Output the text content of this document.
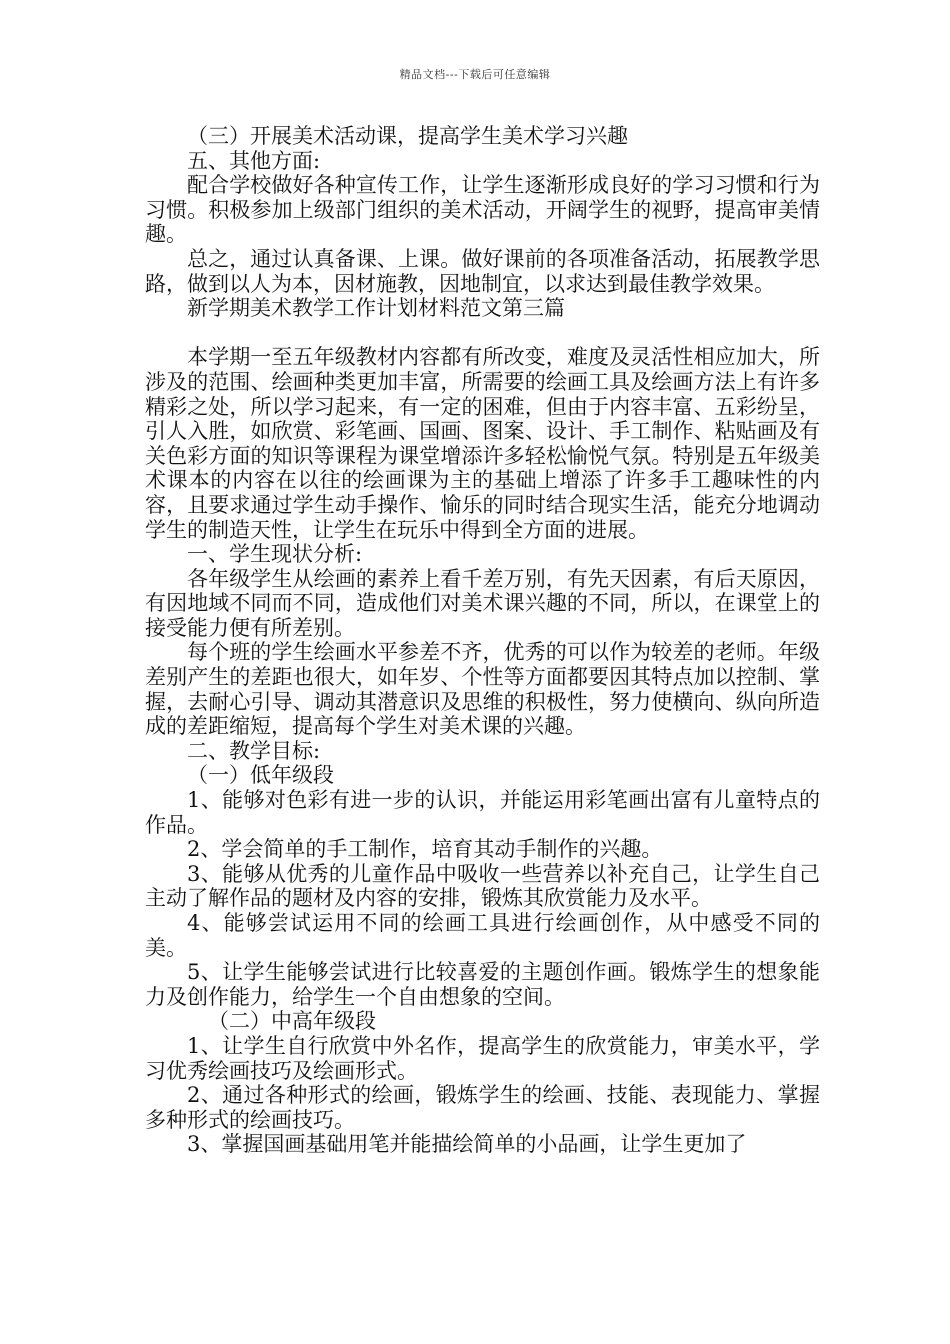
精品文档---下载后可任意编辑

（三）开展美术活动课，提高学生美术学习兴趣

五、其他方面:

配合学校做好各种宣传工作，让学生逐渐形成良好的学习习惯和行为习惯。积极参加上级部门组织的美术活动，开阔学生的视野，提高审美情趣。

总之，通过认真备课、上课。做好课前的各项准备活动，拓展教学思路，做到以人为本，因材施教，因地制宜，以求达到最佳教学效果。

新学期美术教学工作计划材料范文第三篇

本学期一至五年级教材内容都有所改变，难度及灵活性相应加大，所涉及的范围、绘画种类更加丰富，所需要的绘画工具及绘画方法上有许多精彩之处，所以学习起来，有一定的困难，但由于内容丰富、五彩纷呈，引人入胜，如欣赏、彩笔画、国画、图案、设计、手工制作、粘贴画及有关色彩方面的知识等课程为课堂增添许多轻松愉悦气氛。特别是五年级美术课本的内容在以往的绘画课为主的基础上增添了许多手工趣味性的内容，且要求通过学生动手操作、愉乐的同时结合现实生活，能充分地调动学生的制造天性，让学生在玩乐中得到全方面的进展。

一、学生现状分析:

各年级学生从绘画的素养上看千差万别，有先天因素，有后天原因，有因地域不同而不同，造成他们对美术课兴趣的不同，所以，在课堂上的接受能力便有所差别。

每个班的学生绘画水平参差不齐，优秀的可以作为较差的老师。年级差别产生的差距也很大，如年岁、个性等方面都要因其特点加以控制、掌握，去耐心引导、调动其潜意识及思维的积极性，努力使横向、纵向所造成的差距缩短，提高每个学生对美术课的兴趣。

二、教学目标:

（一）低年级段

1、能够对色彩有进一步的认识，并能运用彩笔画出富有儿童特点的作品。

2、学会简单的手工制作，培育其动手制作的兴趣。

3、能够从优秀的儿童作品中吸收一些营养以补充自己，让学生自己主动了解作品的题材及内容的安排，锻炼其欣赏能力及水平。

4、能够尝试运用不同的绘画工具进行绘画创作，从中感受不同的美。

5、让学生能够尝试进行比较喜爱的主题创作画。锻炼学生的想象能力及创作能力，给学生一个自由想象的空间。

（二）中高年级段

1、让学生自行欣赏中外名作，提高学生的欣赏能力，审美水平，学习优秀绘画技巧及绘画形式。

2、通过各种形式的绘画，锻炼学生的绘画、技能、表现能力、掌握多种形式的绘画技巧。

3、掌握国画基础用笔并能描绘简单的小品画，让学生更加了
